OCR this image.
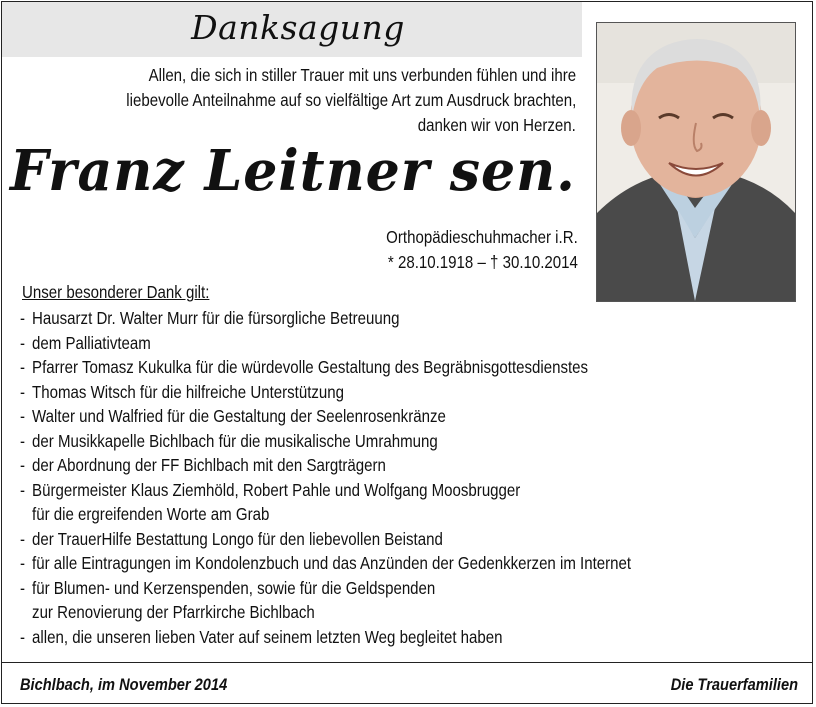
Danksagung
Allen, die sich in stiller Trauer mit uns verbunden fühlen und ihre
liebevolle Anteilnahme auf so vielfältige Art zum Ausdruck brachten,
danken wir von Herzen.
Franz Leitner sen.
Orthopädieschuhmacher i.R.
* 28.10.1918 – † 30.10.2014
Unser besonderer Dank gilt:
- Hausarzt Dr. Walter Murr für die fürsorgliche Betreuung
- dem Palliativteam
- Pfarrer Tomasz Kukulka für die würdevolle Gestaltung des Begräbnisgottesdienstes
- Thomas Witsch für die hilfreiche Unterstützung
- Walter und Walfried für die Gestaltung der Seelenrosenkränze
- der Musikkapelle Bichlbach für die musikalische Umrahmung
- der Abordnung der FF Bichlbach mit den Sargträgern
- Bürgermeister Klaus Ziemhöld, Robert Pahle und Wolfgang Moosbrugger
für die ergreifenden Worte am Grab
- der TrauerHilfe Bestattung Longo für den liebevollen Beistand
- für alle Eintragungen im Kondolenzbuch und das Anzünden der Gedenkkerzen im Internet
- für Blumen- und Kerzenspenden, sowie für die Geldspenden
zur Renovierung der Pfarrkirche Bichlbach
- allen, die unseren lieben Vater auf seinem letzten Weg begleitet haben
Bichlbach, im November 2014	Die Trauerfamilien
